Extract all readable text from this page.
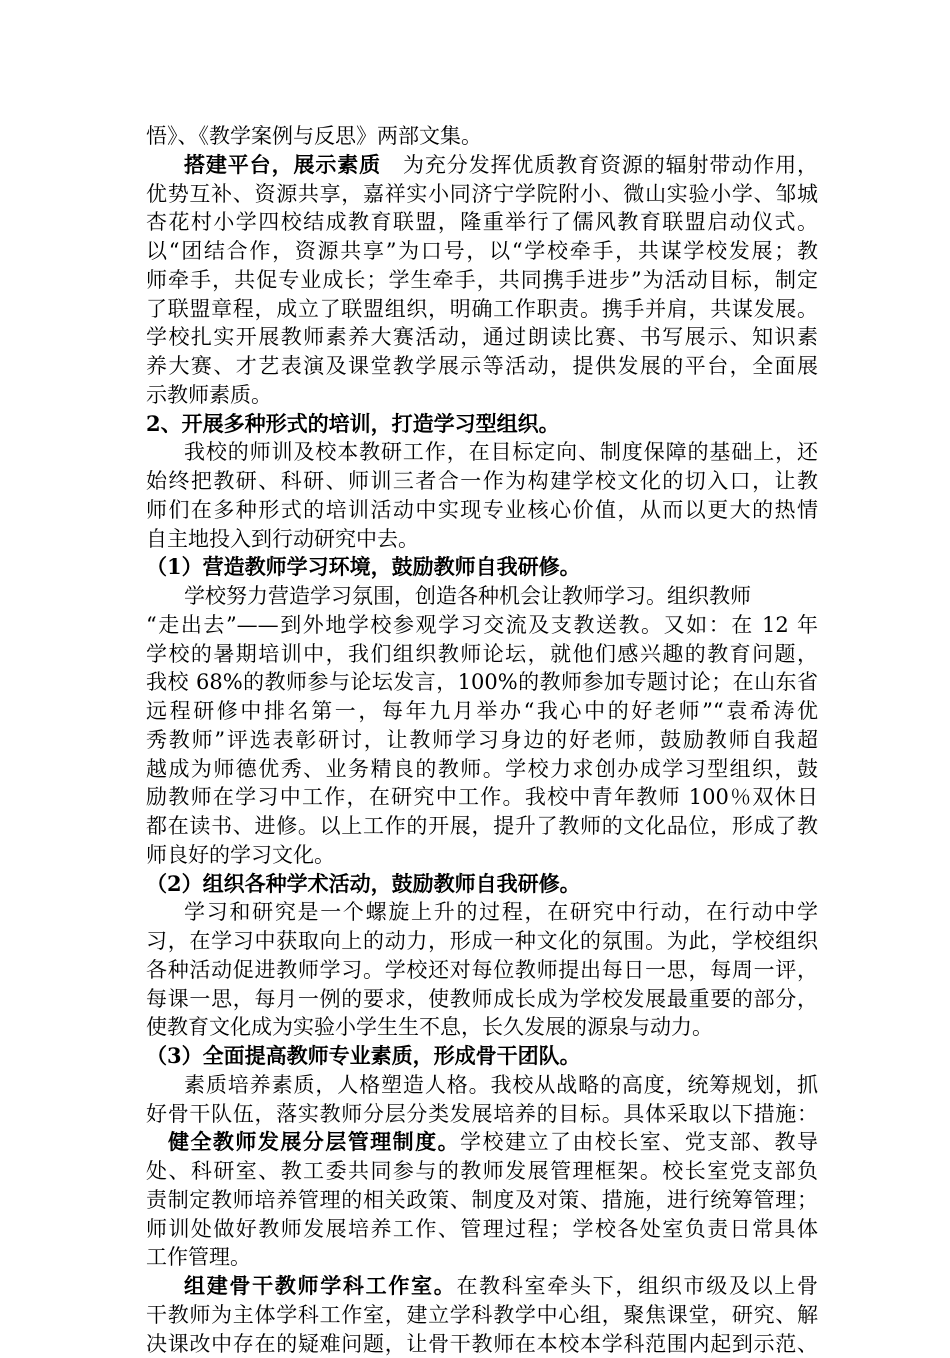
悟》、《教学案例与反思》两部文集。
搭建平台，展示素质　为充分发挥优质教育资源的辐射带动作用，
优势互补、资源共享，嘉祥实小同济宁学院附小、微山实验小学、邹城
杏花村小学四校结成教育联盟，隆重举行了儒风教育联盟启动仪式。
以“团结合作，资源共享”为口号，以“学校牵手，共谋学校发展；教
师牵手，共促专业成长；学生牵手，共同携手进步”为活动目标，制定
了联盟章程，成立了联盟组织，明确工作职责。携手并肩，共谋发展。
学校扎实开展教师素养大赛活动，通过朗读比赛、书写展示、知识素
养大赛、才艺表演及课堂教学展示等活动，提供发展的平台，全面展
示教师素质。
2、开展多种形式的培训，打造学习型组织。
我校的师训及校本教研工作，在目标定向、制度保障的基础上，还
始终把教研、科研、师训三者合一作为构建学校文化的切入口，让教
师们在多种形式的培训活动中实现专业核心价值，从而以更大的热情
自主地投入到行动研究中去。
（1）营造教师学习环境，鼓励教师自我研修。
学校努力营造学习氛围，创造各种机会让教师学习。组织教师
“走出去”——到外地学校参观学习交流及支教送教。又如：在 12 年
学校的暑期培训中，我们组织教师论坛，就他们感兴趣的教育问题，
我校 68%的教师参与论坛发言，100%的教师参加专题讨论；在山东省
远程研修中排名第一，每年九月举办“我心中的好老师”“袁希涛优
秀教师”评选表彰研讨，让教师学习身边的好老师，鼓励教师自我超
越成为师德优秀、业务精良的教师。学校力求创办成学习型组织，鼓
励教师在学习中工作，在研究中工作。我校中青年教师 100％双休日
都在读书、进修。以上工作的开展，提升了教师的文化品位，形成了教
师良好的学习文化。
（2）组织各种学术活动，鼓励教师自我研修。
学习和研究是一个螺旋上升的过程，在研究中行动，在行动中学
习，在学习中获取向上的动力，形成一种文化的氛围。为此，学校组织
各种活动促进教师学习。学校还对每位教师提出每日一思，每周一评，
每课一思，每月一例的要求，使教师成长成为学校发展最重要的部分，
使教育文化成为实验小学生生不息，长久发展的源泉与动力。
（3）全面提高教师专业素质，形成骨干团队。
素质培养素质，人格塑造人格。我校从战略的高度，统筹规划，抓
好骨干队伍，落实教师分层分类发展培养的目标。具体采取以下措施：
健全教师发展分层管理制度。学校建立了由校长室、党支部、教导
处、科研室、教工委共同参与的教师发展管理框架。校长室党支部负
责制定教师培养管理的相关政策、制度及对策、措施，进行统筹管理；
师训处做好教师发展培养工作、管理过程；学校各处室负责日常具体
工作管理。
组建骨干教师学科工作室。在教科室牵头下，组织市级及以上骨
干教师为主体学科工作室，建立学科教学中心组，聚焦课堂，研究、解
决课改中存在的疑难问题，让骨干教师在本校本学科范围内起到示范、
